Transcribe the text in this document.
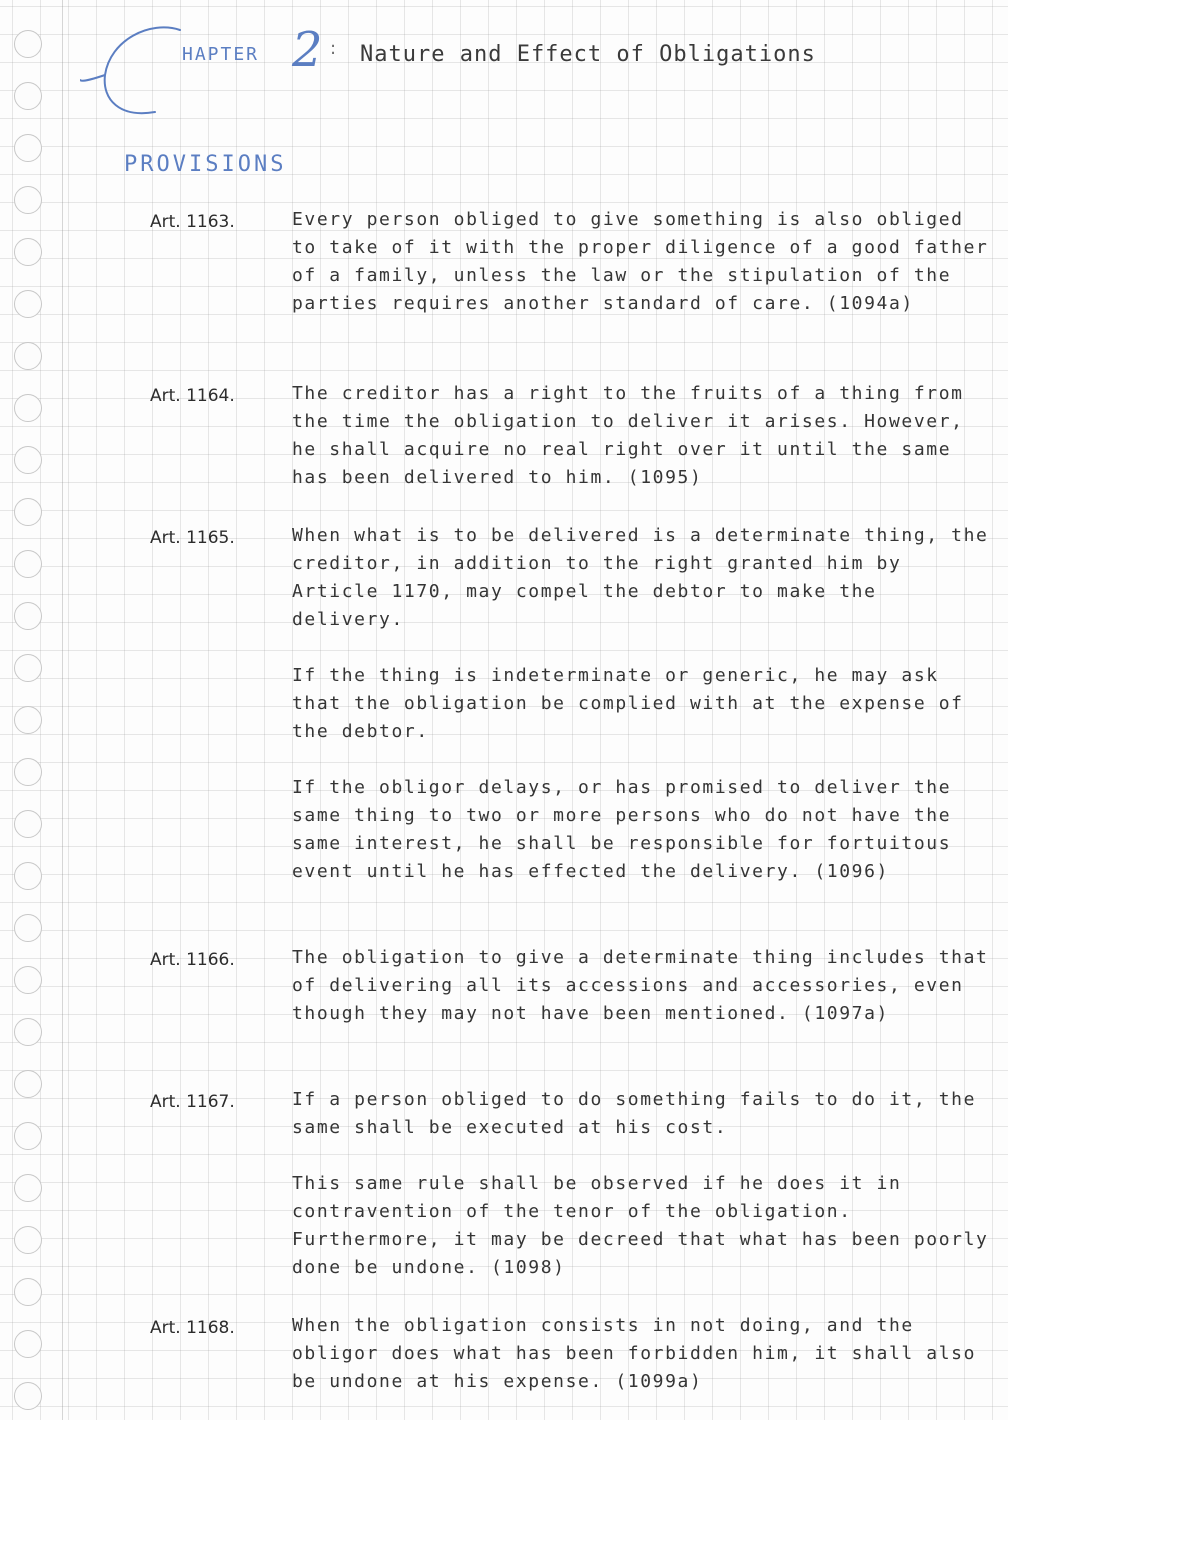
HAPTER 2 : Nature and Effect of Obligations
PROVISIONS
Art. 1163.	Every person obliged to give something is also obliged to take of it with the proper diligence of a good father of a family, unless the law or the stipulation of the parties requires another standard of care. (1094a)

Art. 1164.	The creditor has a right to the fruits of a thing from the time the obligation to deliver it arises. However, he shall acquire no real right over it until the same has been delivered to him. (1095)

Art. 1165.	When what is to be delivered is a determinate thing, the creditor, in addition to the right granted him by Article 1170, may compel the debtor to make the delivery.

If the thing is indeterminate or generic, he may ask that the obligation be complied with at the expense of the debtor.

If the obligor delays, or has promised to deliver the same thing to two or more persons who do not have the same interest, he shall be responsible for fortuitous event until he has effected the delivery. (1096)

Art. 1166.	The obligation to give a determinate thing includes that of delivering all its accessions and accessories, even though they may not have been mentioned. (1097a)

Art. 1167.	If a person obliged to do something fails to do it, the same shall be executed at his cost.

This same rule shall be observed if he does it in contravention of the tenor of the obligation. Furthermore, it may be decreed that what has been poorly done be undone. (1098)

Art. 1168.	When the obligation consists in not doing, and the obligor does what has been forbidden him, it shall also be undone at his expense. (1099a)
